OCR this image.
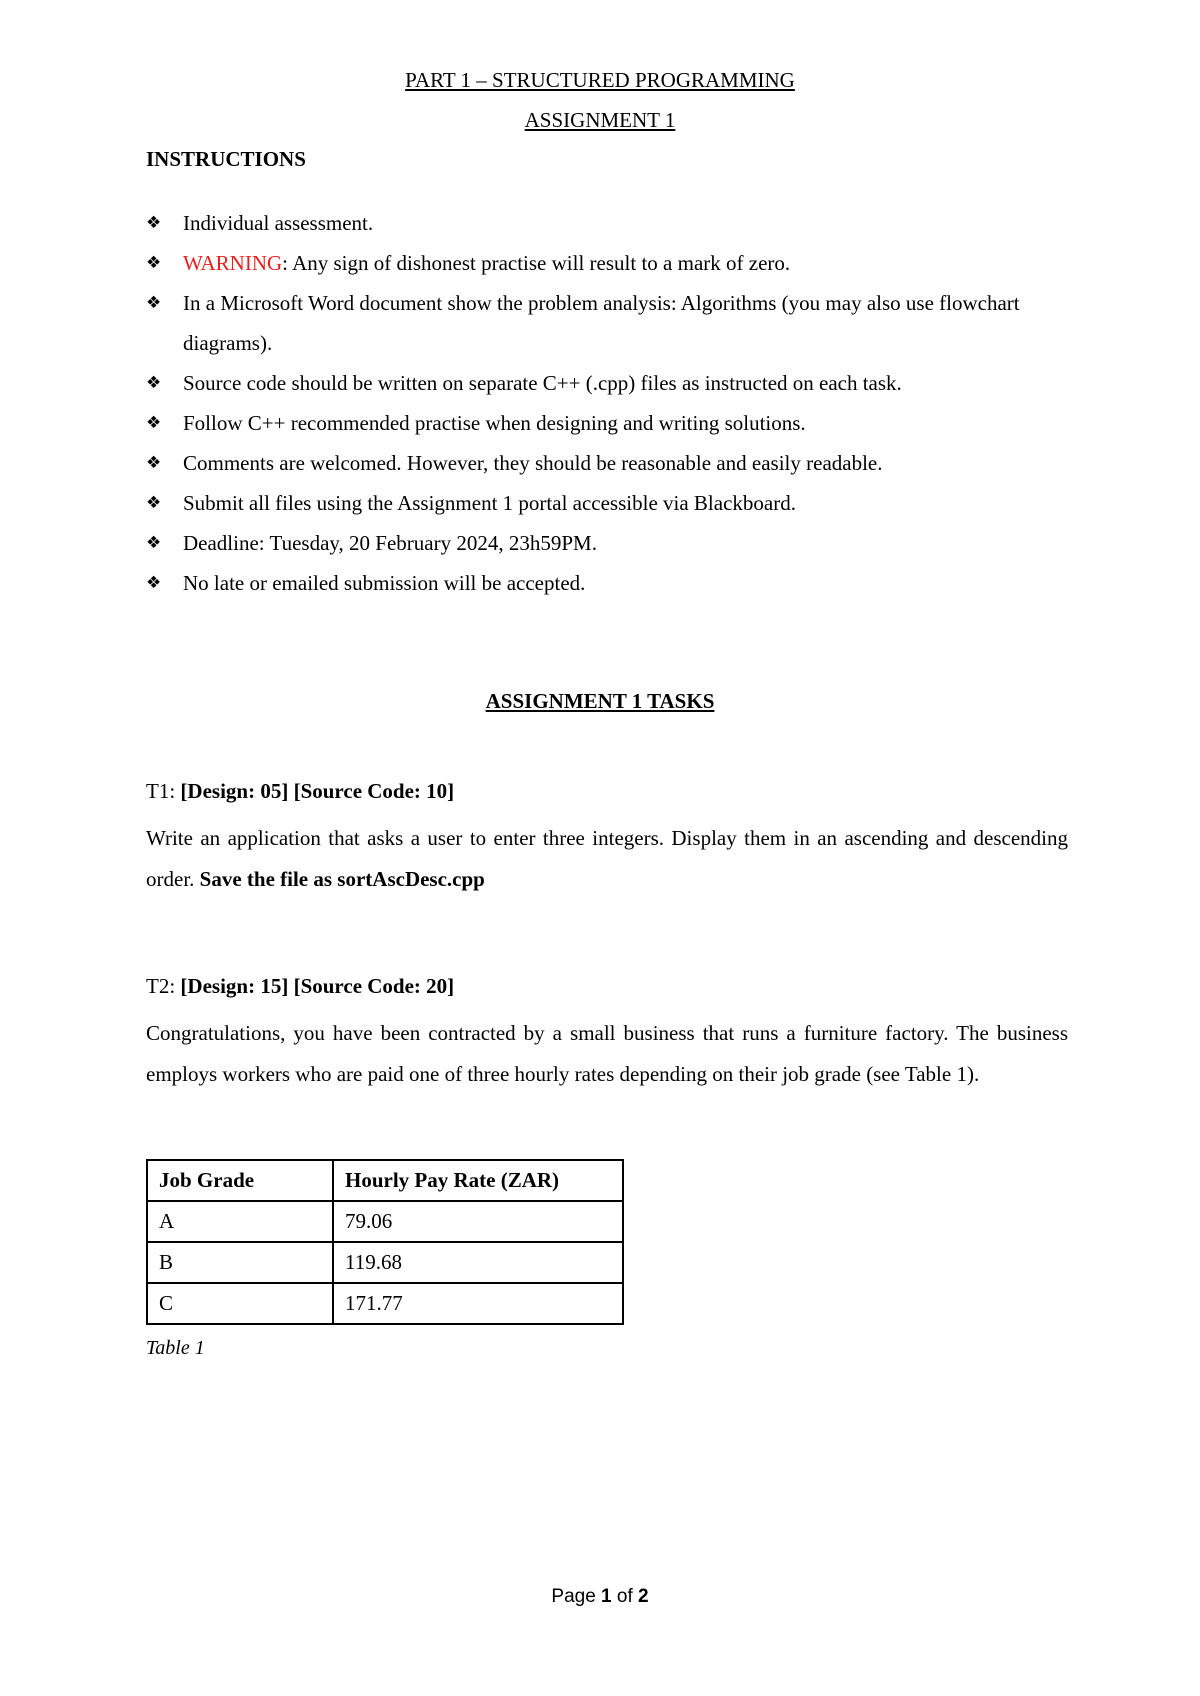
PART 1 – STRUCTURED PROGRAMMING
ASSIGNMENT 1
INSTRUCTIONS
❖ Individual assessment.
❖ WARNING: Any sign of dishonest practise will result to a mark of zero.
❖ In a Microsoft Word document show the problem analysis: Algorithms (you may also use flowchart diagrams).
❖ Source code should be written on separate C++ (.cpp) files as instructed on each task.
❖ Follow C++ recommended practise when designing and writing solutions.
❖ Comments are welcomed. However, they should be reasonable and easily readable.
❖ Submit all files using the Assignment 1 portal accessible via Blackboard.
❖ Deadline: Tuesday, 20 February 2024, 23h59PM.
❖ No late or emailed submission will be accepted.
ASSIGNMENT 1 TASKS
T1: [Design: 05] [Source Code: 10]
Write an application that asks a user to enter three integers. Display them in an ascending and descending order. Save the file as sortAscDesc.cpp
T2: [Design: 15] [Source Code: 20]
Congratulations, you have been contracted by a small business that runs a furniture factory. The business employs workers who are paid one of three hourly rates depending on their job grade (see Table 1).
Job Grade	Hourly Pay Rate (ZAR)
A	79.06
B	119.68
C	171.77
Table 1
Page 1 of 2
